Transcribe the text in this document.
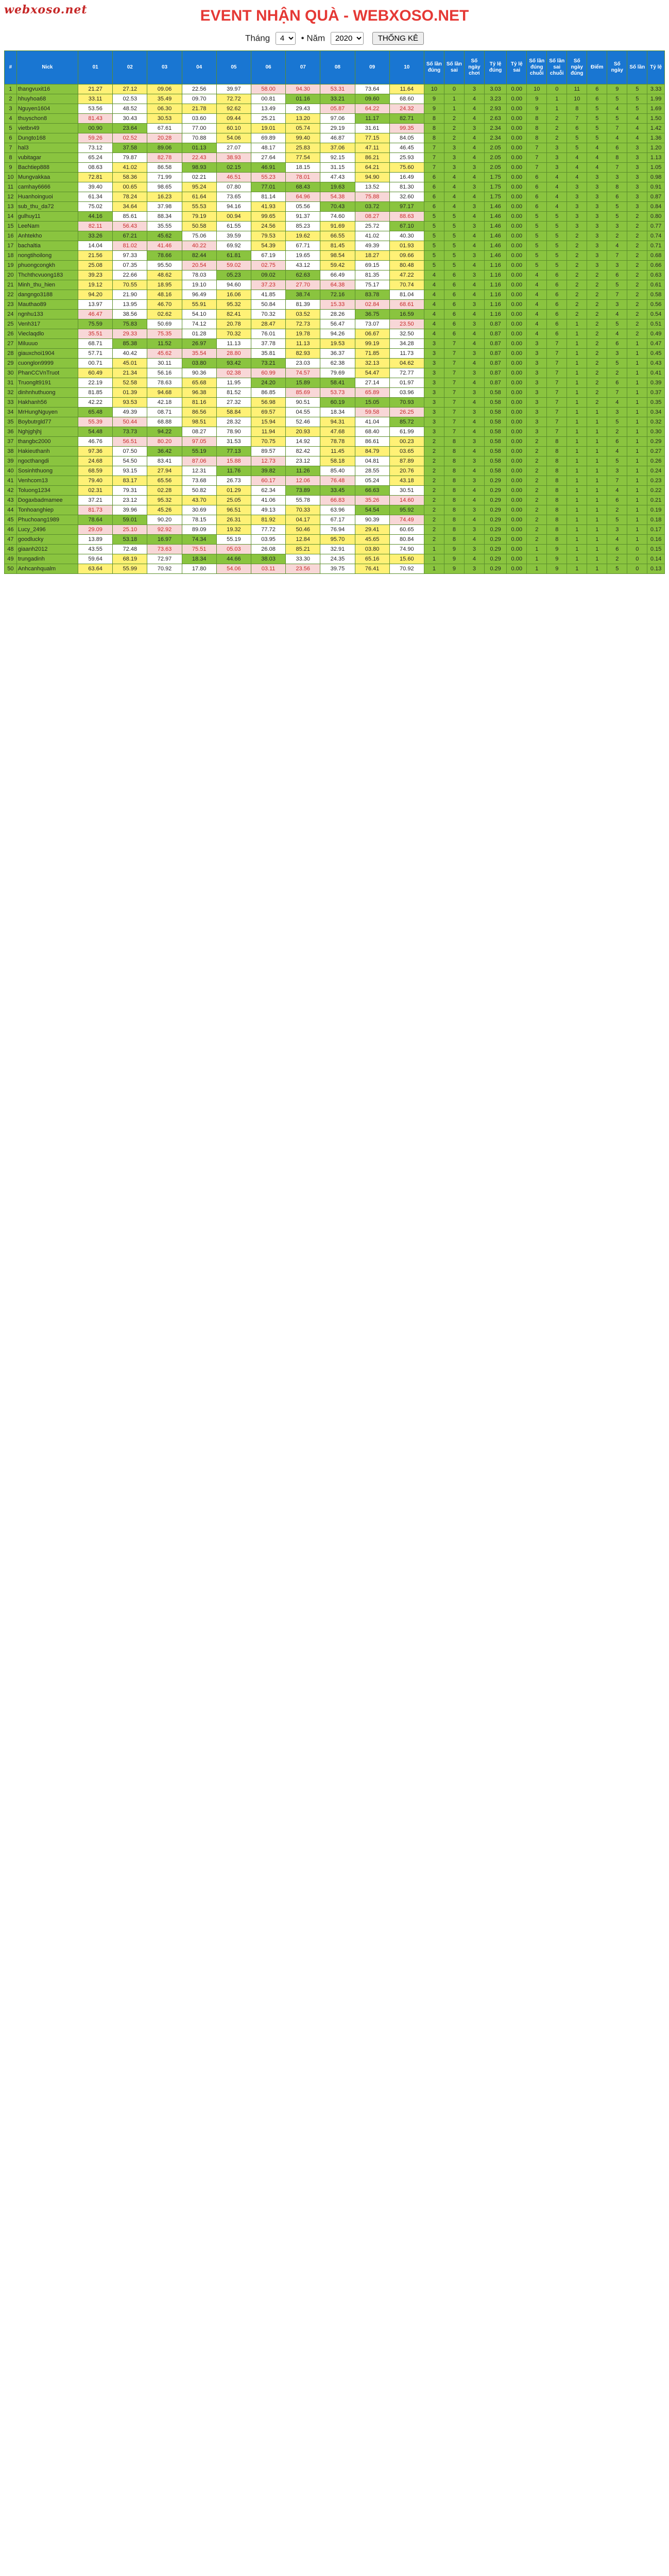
webxoso.net	EVENT NHẬN QUÀ - WEBXOSO.NET
Tháng
4	• Năm
2020	THỐNG KÊ
#	Nick	01	02	03	04	05	06	07	08	09	10	Số lần đúng	Số lần sai	Số ngày chơi	Tỷ lệ đúng	Tỷ lệ sai	Số lần đúng chuỗi	Số lần sai chuỗi	Số ngày đúng	Điểm	Số ngày	Số lần	Tỷ lệ
1	thangvuxit16	21.27	27.12	09.06	22.56	39.97	58.00	94.30	53.31	73.64	11.64	10	0	3	3.03	0.00	10	0	11	6	9	5	3.33
2	hhuyhoa68	33.11	02.53	35.49	09.70	72.72	00.81	01.16	33.21	09.60	68.60	9	1	4	3.23	0.00	9	1	10	6	5	5	1.99
3	Nguyen1604	53.56	48.52	06.30	21.78	92.62	13.49	29.43	05.87	64.22	24.32	9	1	4	2.93	0.00	9	1	8	5	4	5	1.69
4	thuyschon8	81.43	30.43	30.53	03.60	09.44	25.21	13.20	97.06	11.17	82.71	8	2	4	2.63	0.00	8	2	7	5	5	4	1.50
5	vietbn49	00.90	23.64	67.61	77.00	60.10	19.01	05.74	29.19	31.61	99.35	8	2	3	2.34	0.00	8	2	6	5	7	4	1.42
6	Dungto168	59.26	02.52	20.28	70.88	54.06	69.89	99.40	46.87	77.15	84.05	8	2	4	2.34	0.00	8	2	5	5	4	4	1.36
7	hal3	73.12	37.58	89.06	01.13	27.07	48.17	25.83	37.06	47.11	46.45	7	3	4	2.05	0.00	7	3	5	4	6	3	1.20
8	vubitagar	65.24	79.87	82.78	22.43	38.93	27.64	77.54	92.15	86.21	25.93	7	3	4	2.05	0.00	7	3	4	4	8	3	1.13
9	Bachtiep888	08.63	41.02	86.58	98.93	02.15	46.91	18.15	31.15	64.21	75.60	7	3	3	2.05	0.00	7	3	4	4	7	3	1.05
10	Mungvakkaa	72.81	58.36	71.99	02.21	46.51	55.23	78.01	47.43	94.90	16.49	6	4	4	1.75	0.00	6	4	4	3	3	3	0.98
11	camhay6666	39.40	00.65	98.65	95.24	07.80	77.01	68.43	19.63	13.52	81.30	6	4	3	1.75	0.00	6	4	3	3	8	3	0.91
12	Huanhoinguoi	61.34	78.24	16.23	61.64	73.65	81.14	64.96	54.38	75.88	32.60	6	4	4	1.75	0.00	6	4	3	3	6	3	0.87
13	sub_thu_da72	75.02	34.64	37.98	55.53	94.16	41.93	05.56	70.43	03.72	97.17	6	4	3	1.46	0.00	6	4	3	3	5	3	0.84
14	gulhuy11	44.16	85.61	88.34	79.19	00.94	99.65	91.37	74.60	08.27	88.63	5	5	4	1.46	0.00	5	5	3	3	5	2	0.80
15	LeeNam	82.11	56.43	35.55	50.58	61.55	24.56	85.23	91.69	25.72	67.10	5	5	3	1.46	0.00	5	5	3	3	3	2	0.77
16	Anhtekho	33.26	67.21	45.62	75.06	39.59	79.53	19.62	66.55	41.02	40.30	5	5	4	1.46	0.00	5	5	2	3	2	2	0.74
17	bachaltia	14.04	81.02	41.46	40.22	69.92	54.39	67.71	81.45	49.39	01.93	5	5	4	1.46	0.00	5	5	2	3	4	2	0.71
18	nongtihoilong	21.56	97.33	78.66	82.44	61.81	67.19	19.65	98.54	18.27	09.66	5	5	3	1.46	0.00	5	5	2	3	7	2	0.68
19	phuongcongkh	25.08	07.35	95.50	20.54	59.02	02.75	43.12	59.42	69.15	80.48	5	5	4	1.16	0.00	5	5	2	3	3	2	0.66
20	Thchthcvuong183	39.23	22.66	48.62	78.03	05.23	09.02	62.63	66.49	81.35	47.22	4	6	3	1.16	0.00	4	6	2	2	6	2	0.63
21	Minh_thu_hien	19.12	70.55	18.95	19.10	94.60	37.23	27.70	64.38	75.17	70.74	4	6	4	1.16	0.00	4	6	2	2	5	2	0.61
22	dangngo3188	94.20	21.90	48.16	96.49	16.06	41.85	38.74	72.16	83.78	81.04	4	6	4	1.16	0.00	4	6	2	2	7	2	0.58
23	Mauthao89	13.97	13.95	46.70	55.91	95.32	50.84	81.39	15.33	02.84	68.61	4	6	3	1.16	0.00	4	6	2	2	3	2	0.56
24	ngnhu133	46.47	38.56	02.62	54.10	82.41	70.32	03.52	28.26	36.75	16.59	4	6	4	1.16	0.00	4	6	2	2	4	2	0.54
25	Venh317	75.59	75.83	50.69	74.12	20.78	28.47	72.73	56.47	73.07	23.50	4	6	3	0.87	0.00	4	6	1	2	5	2	0.51
26	Vieclaqdlo	35.51	29.33	75.35	01.28	70.32	76.01	19.78	94.26	06.67	32.50	4	6	4	0.87	0.00	4	6	1	2	4	2	0.49
27	Miluuuo	68.71	85.38	11.52	26.97	11.13	37.78	11.13	19.53	99.19	34.28	3	7	4	0.87	0.00	3	7	1	2	6	1	0.47
28	giauxchoi1904	57.71	40.42	45.62	35.54	28.80	35.81	82.93	36.37	71.85	11.73	3	7	3	0.87	0.00	3	7	1	2	3	1	0.45
29	cuonglon9999	00.71	45.01	30.11	03.80	93.42	73.21	23.03	62.38	32.13	04.62	3	7	4	0.87	0.00	3	7	1	2	5	1	0.43
30	PhanCCVnTruot	60.49	21.34	56.16	90.36	02.38	60.99	74.57	79.69	54.47	72.77	3	7	3	0.87	0.00	3	7	1	2	2	1	0.41
31	Truonglt9191	22.19	52.58	78.63	65.68	11.95	24.20	15.89	58.41	27.14	01.97	3	7	4	0.87	0.00	3	7	1	2	6	1	0.39
32	dinhnhuthuong	81.85	01.39	94.68	96.38	81.52	86.85	85.69	53.73	65.89	03.96	3	7	3	0.58	0.00	3	7	1	2	7	1	0.37
33	Hakhanh56	42.22	93.53	42.18	81.16	27.32	56.98	90.51	60.19	15.05	70.93	3	7	4	0.58	0.00	3	7	1	2	4	1	0.35
34	MrHungNguyen	65.48	49.39	08.71	86.56	58.84	69.57	04.55	18.34	59.58	26.25	3	7	3	0.58	0.00	3	7	1	1	3	1	0.34
35	Boybutrgld77	55.39	50.44	68.88	98.51	28.32	15.94	52.46	94.31	41.04	85.72	3	7	4	0.58	0.00	3	7	1	1	5	1	0.32
36	Nghjghjhj	54.48	73.73	94.22	08.27	78.90	11.94	20.93	47.68	68.40	61.99	3	7	4	0.58	0.00	3	7	1	1	2	1	0.30
37	thangbc2000	46.76	56.51	80.20	97.05	31.53	70.75	14.92	78.78	86.61	00.23	2	8	3	0.58	0.00	2	8	1	1	6	1	0.29
38	Hakieuthanh	97.36	07.50	36.42	55.19	77.13	89.57	82.42	11.45	84.79	03.65	2	8	4	0.58	0.00	2	8	1	1	4	1	0.27
39	ngocthangdi	24.68	54.50	83.41	87.06	15.88	12.73	23.12	58.18	04.81	87.89	2	8	3	0.58	0.00	2	8	1	1	5	1	0.26
40	Sosinhthuong	68.59	93.15	27.94	12.31	11.76	39.82	11.26	85.40	28.55	20.76	2	8	4	0.58	0.00	2	8	1	1	3	1	0.24
41	Venhcom13	79.40	83.17	65.56	73.68	26.73	60.17	12.06	76.48	05.24	43.18	2	8	3	0.29	0.00	2	8	1	1	7	1	0.23
42	Toluong1234	02.31	79.31	02.28	50.82	01.29	62.34	73.89	33.45	66.63	30.51	2	8	4	0.29	0.00	2	8	1	1	4	1	0.22
43	Dogaxbadmamee	37.21	23.12	95.32	43.70	25.05	41.06	55.78	66.83	35.26	14.60	2	8	4	0.29	0.00	2	8	1	1	6	1	0.21
44	Tonhoanghiep	81.73	39.96	45.26	30.69	96.51	49.13	70.33	63.96	54.54	95.92	2	8	3	0.29	0.00	2	8	1	1	2	1	0.19
45	Phuchoang1989	78.64	59.01	90.20	78.15	26.31	81.92	04.17	67.17	90.39	74.49	2	8	4	0.29	0.00	2	8	1	1	5	1	0.18
46	Lucy_2496	29.09	25.10	92.92	89.09	19.32	77.72	50.46	76.94	29.41	60.65	2	8	3	0.29	0.00	2	8	1	1	3	1	0.17
47	goodlucky	13.89	53.18	16.97	74.34	55.19	03.95	12.84	95.70	45.65	80.84	2	8	4	0.29	0.00	2	8	1	1	4	1	0.16
48	giaanh2012	43.55	72.48	73.63	75.51	05.03	26.08	85.21	32.91	03.80	74.90	1	9	3	0.29	0.00	1	9	1	1	6	0	0.15
49	trungadinh	59.64	68.19	72.97	18.34	44.66	38.03	33.30	24.35	65.16	15.60	1	9	4	0.29	0.00	1	9	1	1	2	0	0.14
50	Anhcanhqualm	63.64	55.99	70.92	17.80	54.06	03.11	23.56	39.75	76.41	70.92	1	9	3	0.29	0.00	1	9	1	1	5	0	0.13
